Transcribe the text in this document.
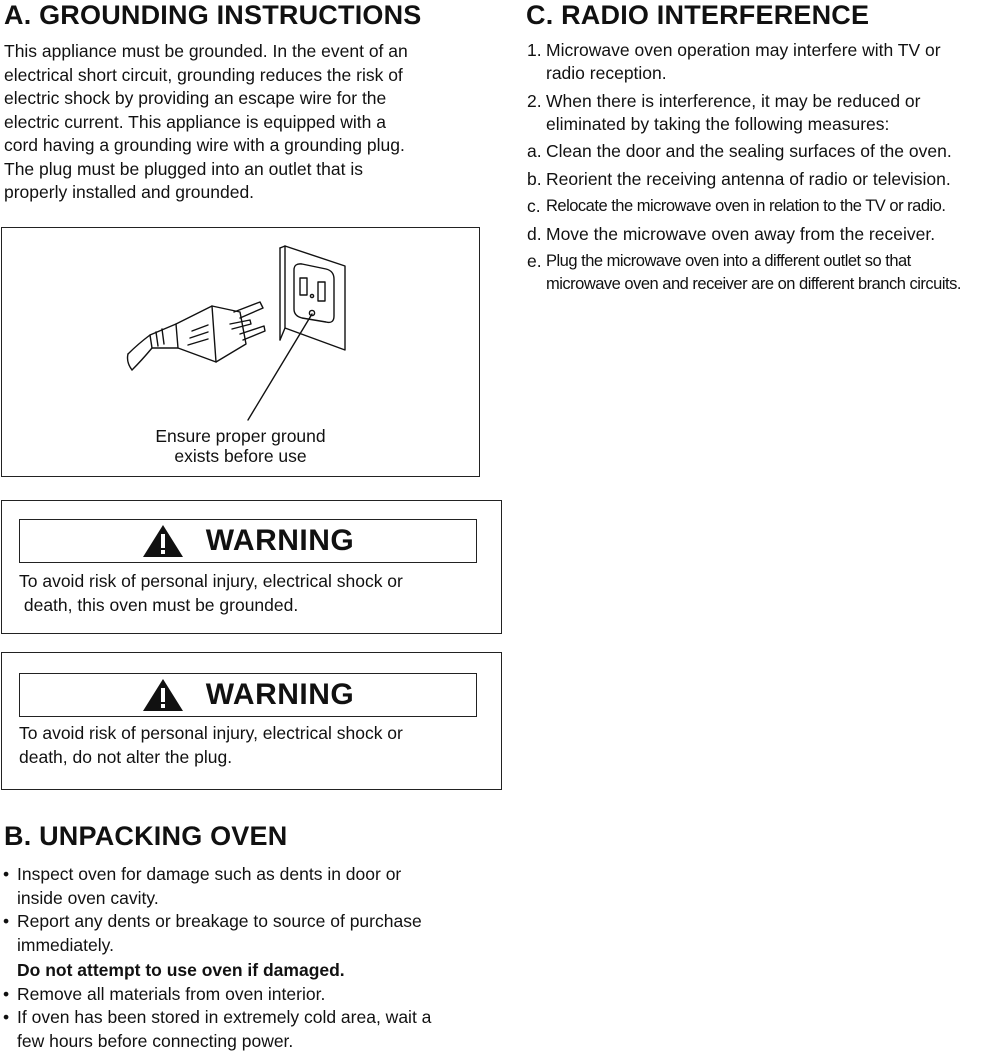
A. GROUNDING INSTRUCTIONS
This appliance must be grounded. In the event of an
electrical short circuit, grounding reduces the risk of
electric shock by providing an escape wire for the
electric current. This appliance is equipped with a
cord having a grounding wire with a grounding plug.
The plug must be plugged into an outlet that is
properly installed and grounded.
Ensure proper ground
exists before use
WARNING
To avoid risk of personal injury, electrical shock or
death, this oven must be grounded.
WARNING
To avoid risk of personal injury, electrical shock or
death, do not alter the plug.
B. UNPACKING OVEN
• Inspect oven for damage such as dents in door or
inside oven cavity.
• Report any dents or breakage to source of purchase
immediately.
Do not attempt to use oven if damaged.
• Remove all materials from oven interior.
• If oven has been stored in extremely cold area, wait a
few hours before connecting power.
C. RADIO INTERFERENCE
1. Microwave oven operation may interfere with TV or
radio reception.
2. When there is interference, it may be reduced or
eliminated by taking the following measures:
a. Clean the door and the sealing surfaces of the oven.
b. Reorient the receiving antenna of radio or television.
c. Relocate the microwave oven in relation to the TV or radio.
d. Move the microwave oven away from the receiver.
e. Plug the microwave oven into a different outlet so that
microwave oven and receiver are on different branch circuits.
